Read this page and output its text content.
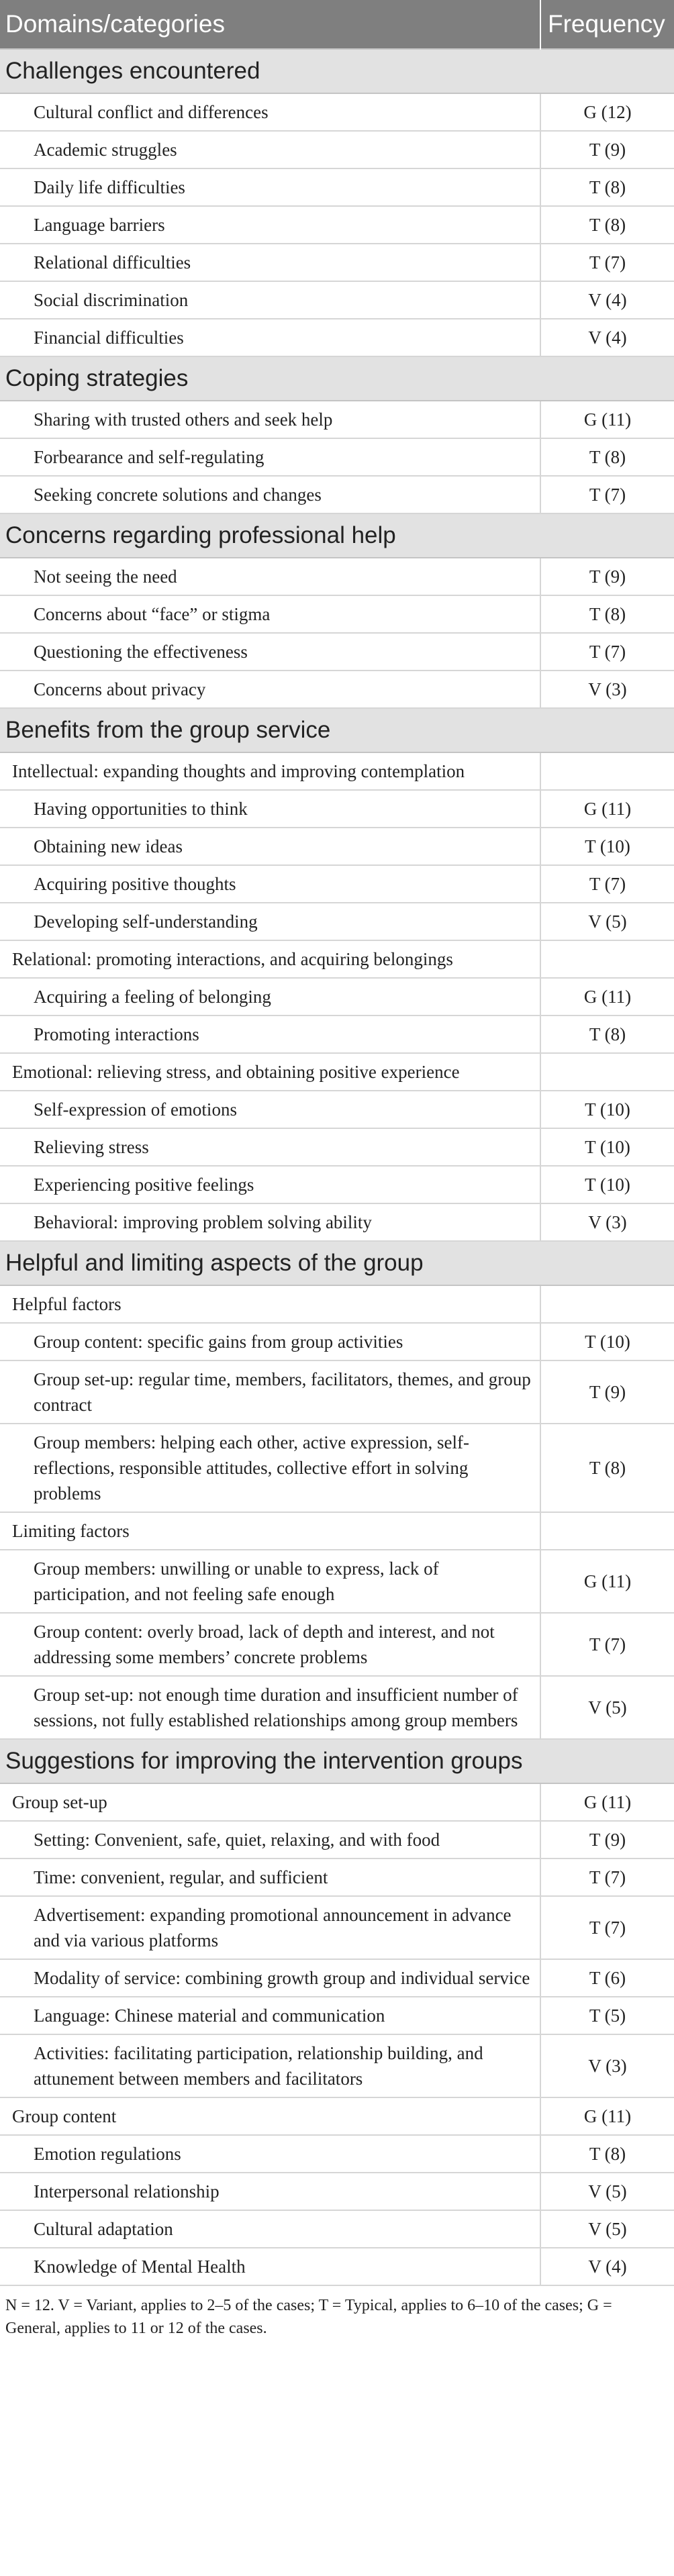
Domains/categories	Frequency
Challenges encountered	
Cultural conflict and differences	G (12)
Academic struggles	T (9)
Daily life difficulties	T (8)
Language barriers	T (8)
Relational difficulties	T (7)
Social discrimination	V (4)
Financial difficulties	V (4)
Coping strategies	
Sharing with trusted others and seek help	G (11)
Forbearance and self-regulating	T (8)
Seeking concrete solutions and changes	T (7)
Concerns regarding professional help	
Not seeing the need	T (9)
Concerns about “face” or stigma	T (8)
Questioning the effectiveness	T (7)
Concerns about privacy	V (3)
Benefits from the group service	
Intellectual: expanding thoughts and improving contemplation	
Having opportunities to think	G (11)
Obtaining new ideas	T (10)
Acquiring positive thoughts	T (7)
Developing self-understanding	V (5)
Relational: promoting interactions, and acquiring belongings	
Acquiring a feeling of belonging	G (11)
Promoting interactions	T (8)
Emotional: relieving stress, and obtaining positive experience	
Self-expression of emotions	T (10)
Relieving stress	T (10)
Experiencing positive feelings	T (10)
Behavioral: improving problem solving ability	V (3)
Helpful and limiting aspects of the group	
Helpful factors	
Group content: specific gains from group activities	T (10)
Group set-up: regular time, members, facilitators, themes, and group contract	T (9)
Group members: helping each other, active expression, self-reflections, responsible attitudes, collective effort in solving problems	T (8)
Limiting factors	
Group members: unwilling or unable to express, lack of participation, and not feeling safe enough	G (11)
Group content: overly broad, lack of depth and interest, and not addressing some members’ concrete problems	T (7)
Group set-up: not enough time duration and insufficient number of sessions, not fully established relationships among group members	V (5)
Suggestions for improving the intervention groups	
Group set-up	G (11)
Setting: Convenient, safe, quiet, relaxing, and with food	T (9)
Time: convenient, regular, and sufficient	T (7)
Advertisement: expanding promotional announcement in advance and via various platforms	T (7)
Modality of service: combining growth group and individual service	T (6)
Language: Chinese material and communication	T (5)
Activities: facilitating participation, relationship building, and attunement between members and facilitators	V (3)
Group content	G (11)
Emotion regulations	T (8)
Interpersonal relationship	V (5)
Cultural adaptation	V (5)
Knowledge of Mental Health	V (4)
N = 12. V = Variant, applies to 2–5 of the cases; T = Typical, applies to 6–10 of the cases; G = General, applies to 11 or 12 of the cases.
